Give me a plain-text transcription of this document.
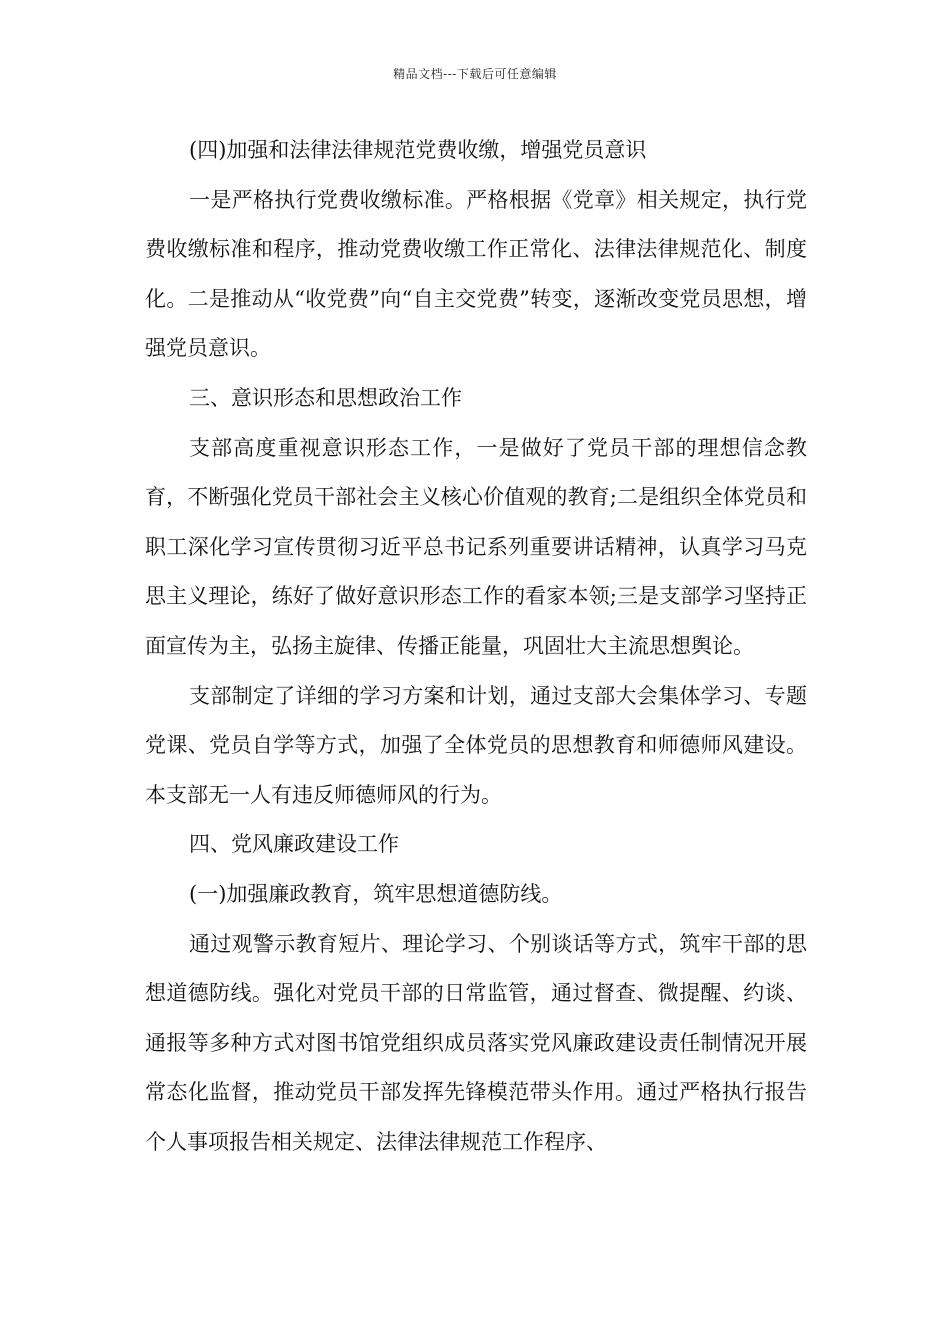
精品文档---下载后可任意编辑

(四)加强和法律法律规范党费收缴，增强党员意识

一是严格执行党费收缴标准。严格根据《党章》相关规定，执行党费收缴标准和程序，推动党费收缴工作正常化、法律法律规范化、制度化。二是推动从“收党费”向“自主交党费”转变，逐渐改变党员思想，增强党员意识。

三、意识形态和思想政治工作

支部高度重视意识形态工作，一是做好了党员干部的理想信念教育，不断强化党员干部社会主义核心价值观的教育;二是组织全体党员和职工深化学习宣传贯彻习近平总书记系列重要讲话精神，认真学习马克思主义理论，练好了做好意识形态工作的看家本领;三是支部学习坚持正面宣传为主，弘扬主旋律、传播正能量，巩固壮大主流思想舆论。

支部制定了详细的学习方案和计划，通过支部大会集体学习、专题党课、党员自学等方式，加强了全体党员的思想教育和师德师风建设。本支部无一人有违反师德师风的行为。

四、党风廉政建设工作

(一)加强廉政教育，筑牢思想道德防线。

通过观警示教育短片、理论学习、个别谈话等方式，筑牢干部的思想道德防线。强化对党员干部的日常监管，通过督查、微提醒、约谈、通报等多种方式对图书馆党组织成员落实党风廉政建设责任制情况开展常态化监督，推动党员干部发挥先锋模范带头作用。通过严格执行报告个人事项报告相关规定、法律法律规范工作程序、
